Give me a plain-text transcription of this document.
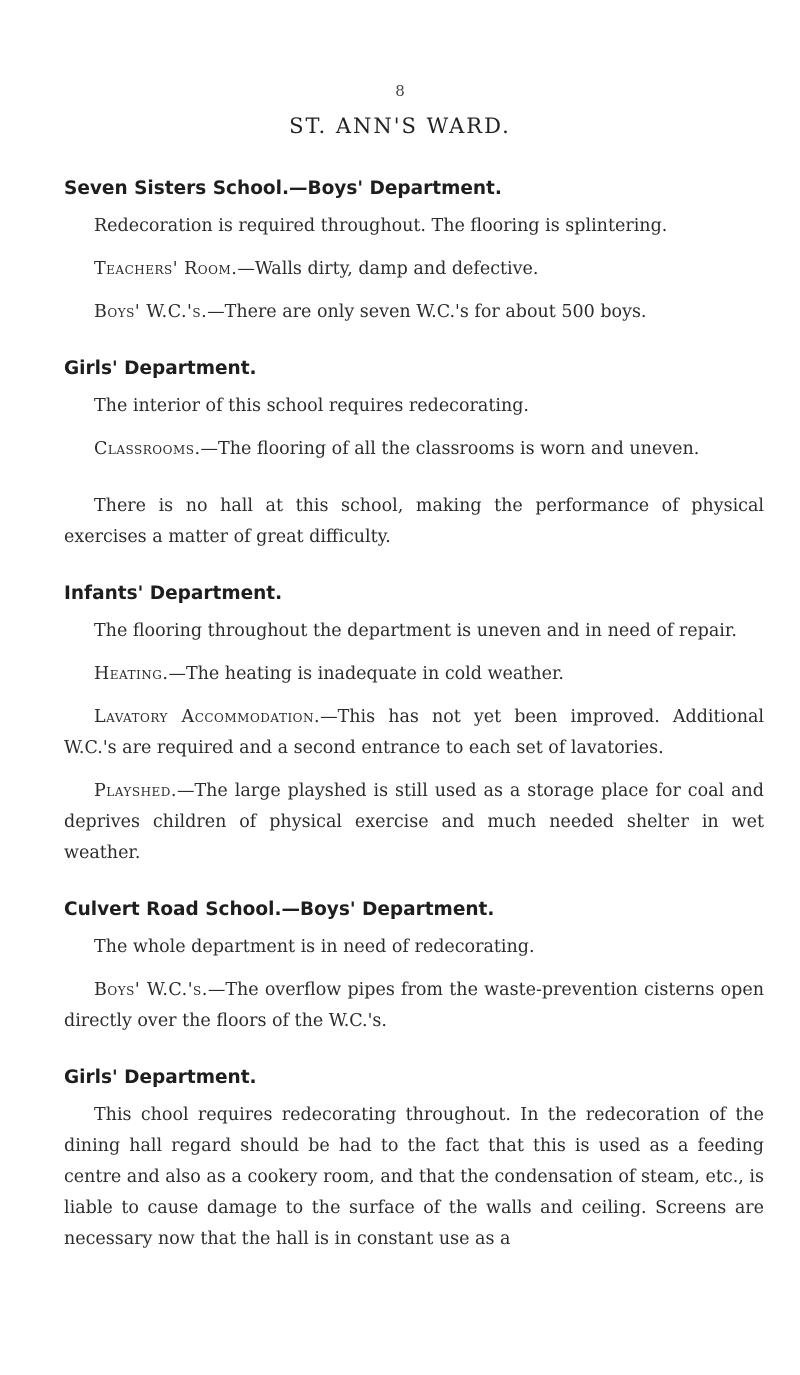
8
ST. ANN'S WARD.
Seven Sisters School.—Boys' Department.

Redecoration is required throughout. The flooring is splintering.

Teachers' Room.—Walls dirty, damp and defective.

Boys' W.C.'s.—There are only seven W.C.'s for about 500 boys.

Girls' Department.

The interior of this school requires redecorating.

Classrooms.—The flooring of all the classrooms is worn and uneven.

There is no hall at this school, making the performance of physical exercises a matter of great difficulty.

Infants' Department.

The flooring throughout the department is uneven and in need of repair.

Heating.—The heating is inadequate in cold weather.

Lavatory Accommodation.—This has not yet been improved. Additional W.C.'s are required and a second entrance to each set of lavatories.

Playshed.—The large playshed is still used as a storage place for coal and deprives children of physical exercise and much needed shelter in wet weather.

Culvert Road School.—Boys' Department.

The whole department is in need of redecorating.

Boys' W.C.'s.—The overflow pipes from the waste-prevention cisterns open directly over the floors of the W.C.'s.

Girls' Department.

This chool requires redecorating throughout. In the redecoration of the dining hall regard should be had to the fact that this is used as a feeding centre and also as a cookery room, and that the condensation of steam, etc., is liable to cause damage to the surface of the walls and ceiling. Screens are necessary now that the hall is in constant use as a
